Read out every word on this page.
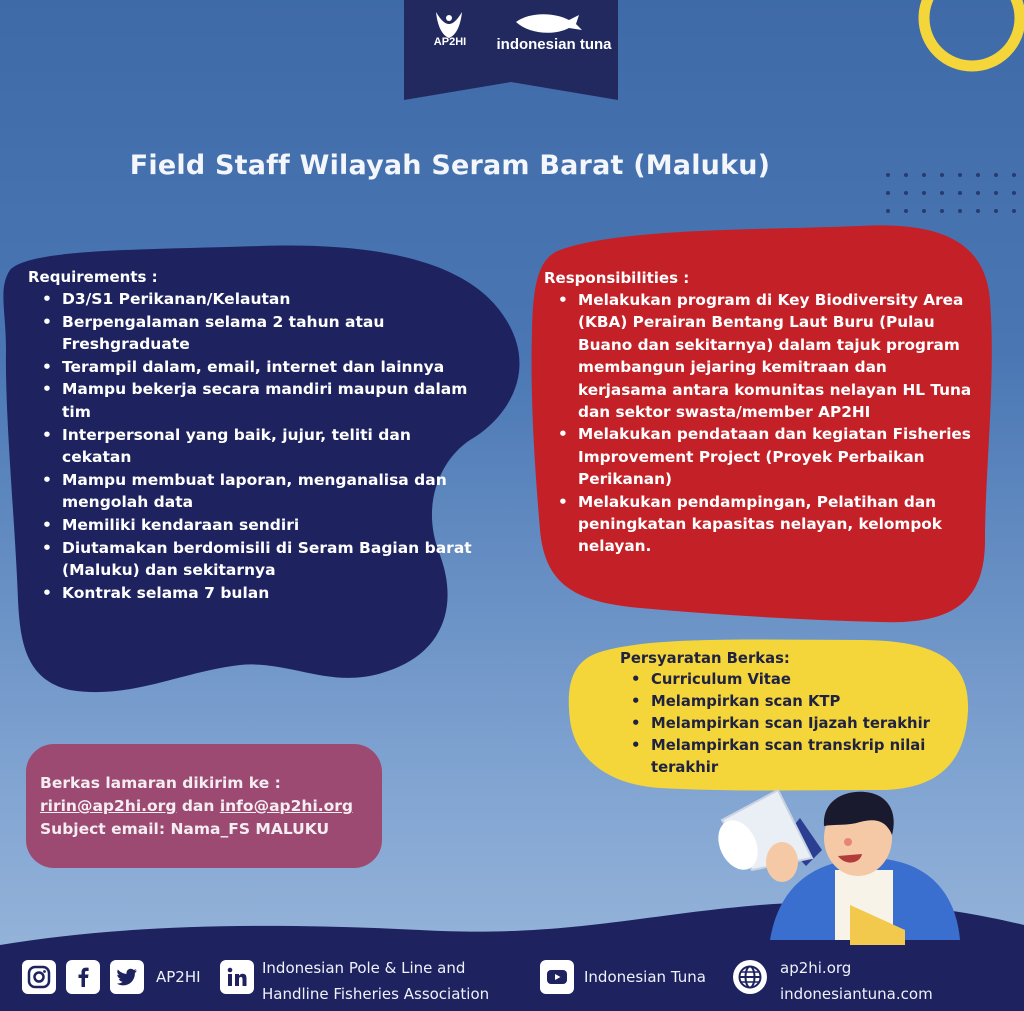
AP2HI	indonesian tuna
Field Staff Wilayah Seram Barat (Maluku)
Requirements :
• D3/S1 Perikanan/Kelautan
• Berpengalaman selama 2 tahun atau Freshgraduate
• Terampil dalam, email, internet dan lainnya
• Mampu bekerja secara mandiri maupun dalam tim
• Interpersonal yang baik, jujur, teliti dan cekatan
• Mampu membuat laporan, menganalisa dan mengolah data
• Memiliki kendaraan sendiri
• Diutamakan berdomisili di Seram Bagian barat (Maluku) dan sekitarnya
• Kontrak selama 7 bulan
Responsibilities :
• Melakukan program di Key Biodiversity Area (KBA) Perairan Bentang Laut Buru (Pulau Buano dan sekitarnya) dalam tajuk program membangun jejaring kemitraan dan kerjasama antara komunitas nelayan HL Tuna dan sektor swasta/member AP2HI
• Melakukan pendataan dan kegiatan Fisheries Improvement Project (Proyek Perbaikan Perikanan)
• Melakukan pendampingan, Pelatihan dan peningkatan kapasitas nelayan, kelompok nelayan.
Persyaratan Berkas:
• Curriculum Vitae
• Melampirkan scan KTP
• Melampirkan scan Ijazah terakhir
• Melampirkan scan transkrip nilai terakhir
Berkas lamaran dikirim ke :
ririn@ap2hi.org dan info@ap2hi.org
Subject email: Nama_FS MALUKU
AP2HI	Indonesian Pole & Line and
Handline Fisheries Association
Indonesian Tuna	ap2hi.org
indonesiantuna.com
